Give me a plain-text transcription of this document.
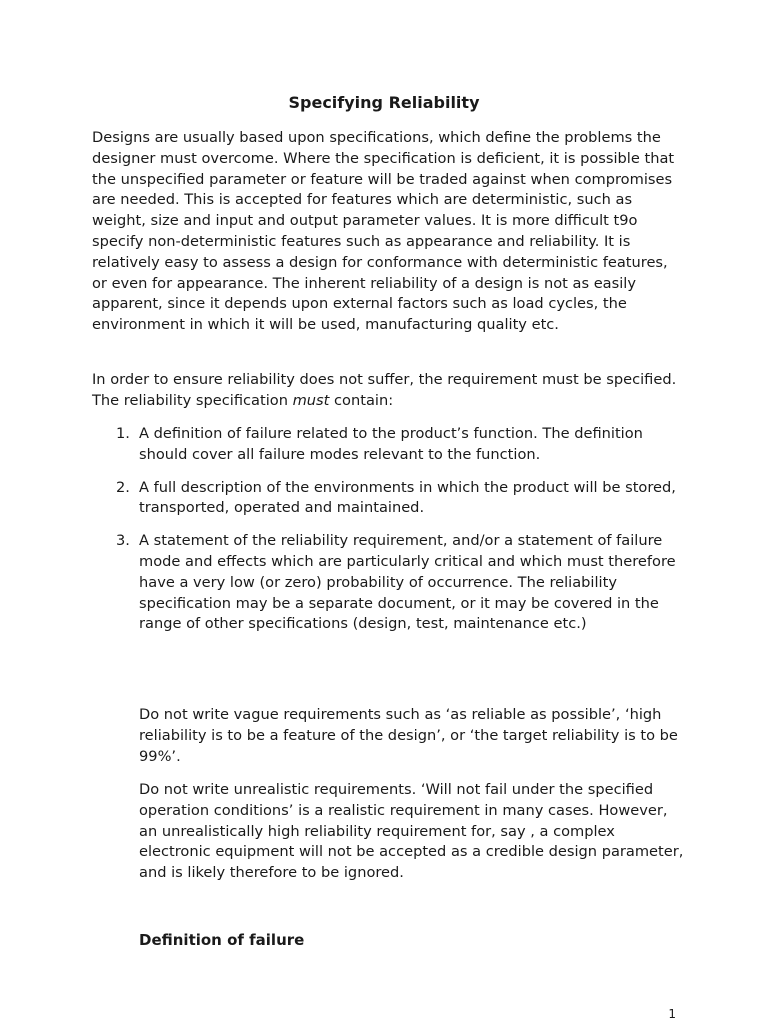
Specifying Reliability

Designs are usually based upon specifications, which define the problems the designer must overcome. Where the specification is deficient, it is possible that the unspecified parameter or feature will be traded against when compromises are needed. This is accepted for features which are deterministic, such as weight, size and input and output parameter values. It is more difficult t9o specify non-deterministic features such as appearance and reliability. It is relatively easy to assess a design for conformance with deterministic features, or even for appearance. The inherent reliability of a design is not as easily apparent, since it depends upon external factors such as load cycles, the environment in which it will be used, manufacturing quality etc.

In order to ensure reliability does not suffer, the requirement must be specified. The reliability specification must contain:

1. A definition of failure related to the product’s function. The definition should cover all failure modes relevant to the function.
2. A full description of the environments in which the product will be stored, transported, operated and maintained.
3. A statement of the reliability requirement, and/or a statement of failure mode and effects which are particularly critical and which must therefore have a very low (or zero) probability of occurrence. The reliability specification may be a separate document, or it may be covered in the range of other specifications (design, test, maintenance etc.)

Do not write vague requirements such as ‘as reliable as possible’, ‘high reliability is to be a feature of the design’, or ‘the target reliability is to be 99%’.

Do not write unrealistic requirements. ‘Will not fail under the specified operation conditions’ is a realistic requirement in many cases. However, an unrealistically high reliability requirement for, say , a complex electronic equipment will not be accepted as a credible design parameter, and is likely therefore to be ignored.

Definition of failure
1
